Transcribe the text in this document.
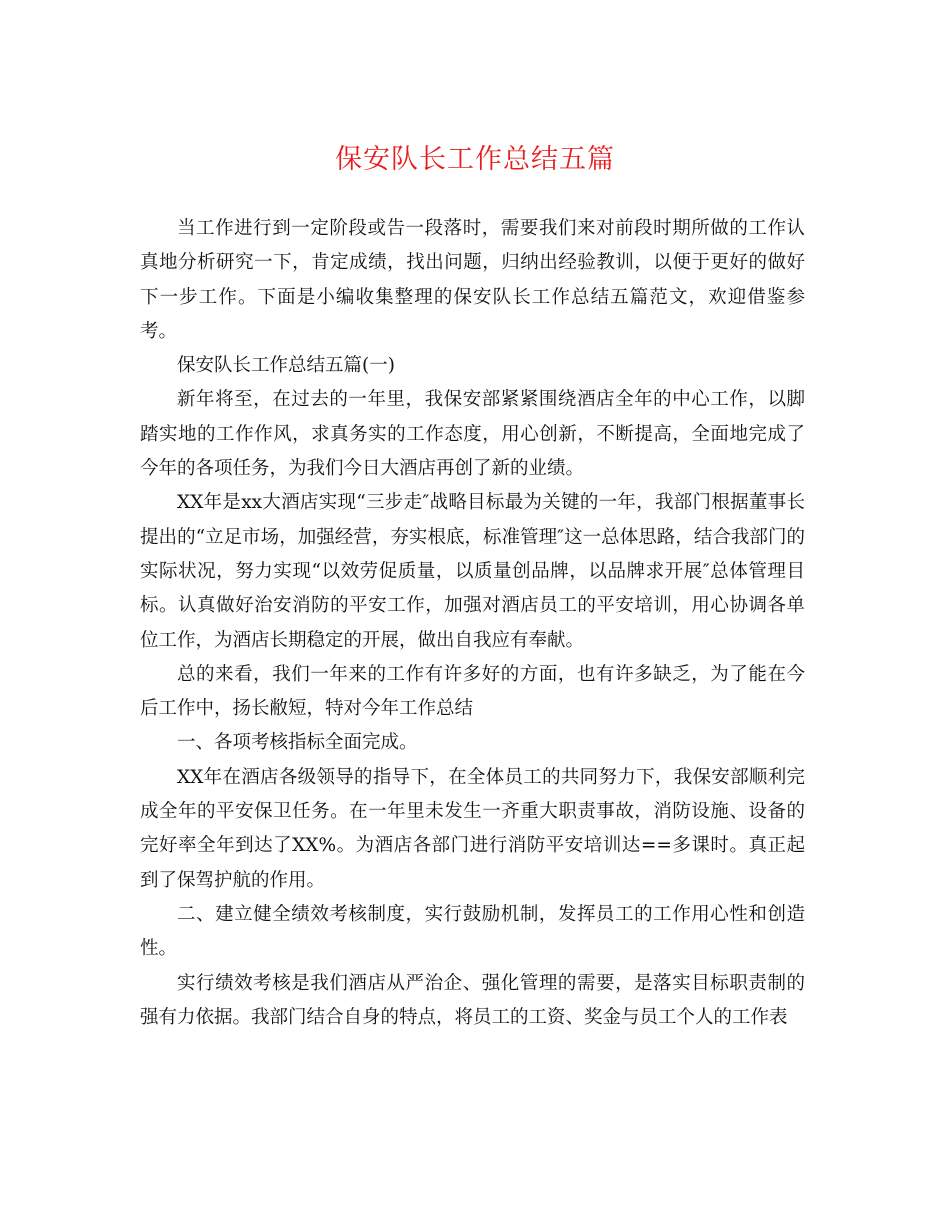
保安队长工作总结五篇

当工作进行到一定阶段或告一段落时，需要我们来对前段时期所做的工作认真地分析研究一下，肯定成绩，找出问题，归纳出经验教训，以便于更好的做好下一步工作。下面是小编收集整理的保安队长工作总结五篇范文，欢迎借鉴参考。

保安队长工作总结五篇(一)

新年将至，在过去的一年里，我保安部紧紧围绕酒店全年的中心工作，以脚踏实地的工作作风，求真务实的工作态度，用心创新，不断提高，全面地完成了今年的各项任务，为我们今日大酒店再创了新的业绩。

XX年是xx大酒店实现“三步走″战略目标最为关键的一年，我部门根据董事长提出的“立足市场，加强经营，夯实根底，标准管理″这一总体思路，结合我部门的实际状况，努力实现“以效劳促质量，以质量创品牌，以品牌求开展″总体管理目标。认真做好治安消防的平安工作，加强对酒店员工的平安培训，用心协调各单位工作，为酒店长期稳定的开展，做出自我应有奉献。

总的来看，我们一年来的工作有许多好的方面，也有许多缺乏，为了能在今后工作中，扬长敝短，特对今年工作总结

一、各项考核指标全面完成。

XX年在酒店各级领导的指导下，在全体员工的共同努力下，我保安部顺利完成全年的平安保卫任务。在一年里未发生一齐重大职责事故，消防设施、设备的完好率全年到达了XX%。为酒店各部门进行消防平安培训达==多课时。真正起到了保驾护航的作用。

二、建立健全绩效考核制度，实行鼓励机制，发挥员工的工作用心性和创造性。

实行绩效考核是我们酒店从严治企、强化管理的需要，是落实目标职责制的强有力依据。我部门结合自身的特点，将员工的工资、奖金与员工个人的工作表
